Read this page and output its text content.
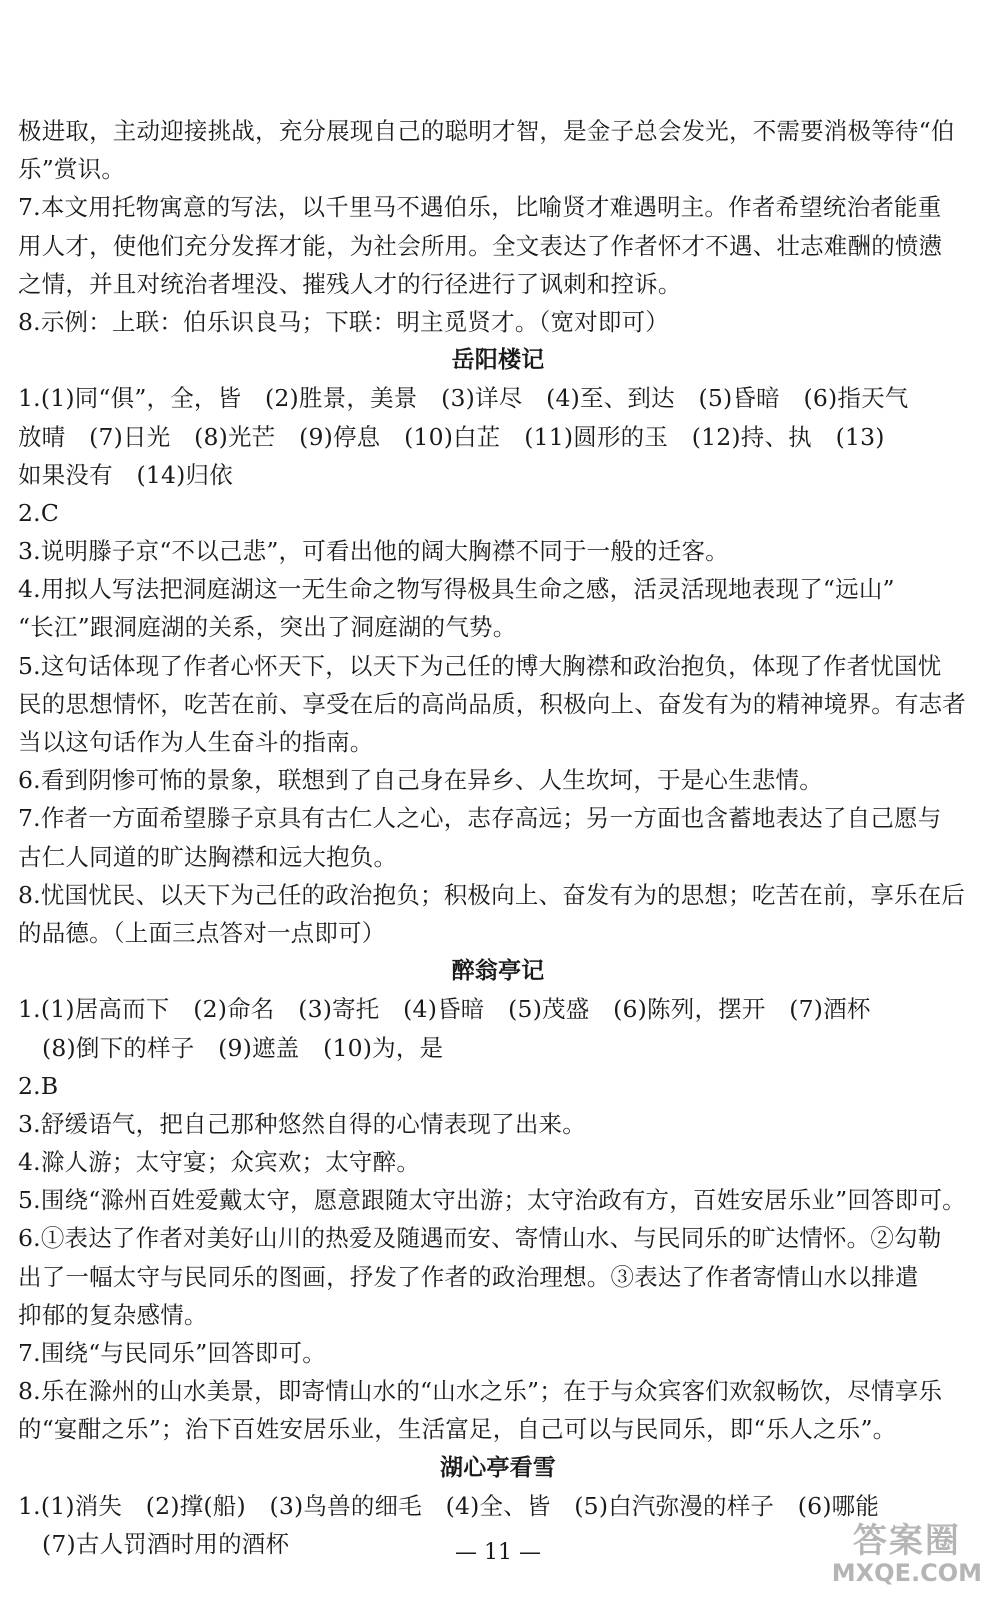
极进取，主动迎接挑战，充分展现自己的聪明才智，是金子总会发光，不需要消极等待“伯
乐”赏识。
7.本文用托物寓意的写法，以千里马不遇伯乐，比喻贤才难遇明主。作者希望统治者能重
用人才，使他们充分发挥才能，为社会所用。全文表达了作者怀才不遇、壮志难酬的愤懑
之情，并且对统治者埋没、摧残人才的行径进行了讽刺和控诉。
8.示例：上联：伯乐识良马；下联：明主觅贤才。（宽对即可）
岳阳楼记
1.(1)同“俱”，全，皆　(2)胜景，美景　(3)详尽　(4)至、到达　(5)昏暗　(6)指天气
放晴　(7)日光　(8)光芒　(9)停息　(10)白芷　(11)圆形的玉　(12)持、执　(13)
如果没有　(14)归依
2.C
3.说明滕子京“不以己悲”，可看出他的阔大胸襟不同于一般的迁客。
4.用拟人写法把洞庭湖这一无生命之物写得极具生命之感，活灵活现地表现了“远山”
“长江”跟洞庭湖的关系，突出了洞庭湖的气势。
5.这句话体现了作者心怀天下，以天下为己任的博大胸襟和政治抱负，体现了作者忧国忧
民的思想情怀，吃苦在前、享受在后的高尚品质，积极向上、奋发有为的精神境界。有志者
当以这句话作为人生奋斗的指南。
6.看到阴惨可怖的景象，联想到了自己身在异乡、人生坎坷，于是心生悲情。
7.作者一方面希望滕子京具有古仁人之心，志存高远；另一方面也含蓄地表达了自己愿与
古仁人同道的旷达胸襟和远大抱负。
8.忧国忧民、以天下为己任的政治抱负；积极向上、奋发有为的思想；吃苦在前，享乐在后
的品德。（上面三点答对一点即可）
醉翁亭记
1.(1)居高而下　(2)命名　(3)寄托　(4)昏暗　(5)茂盛　(6)陈列，摆开　(7)酒杯
(8)倒下的样子　(9)遮盖　(10)为，是
2.B
3.舒缓语气，把自己那种悠然自得的心情表现了出来。
4.滁人游；太守宴；众宾欢；太守醉。
5.围绕“滁州百姓爱戴太守，愿意跟随太守出游；太守治政有方，百姓安居乐业”回答即可。
6.①表达了作者对美好山川的热爱及随遇而安、寄情山水、与民同乐的旷达情怀。②勾勒
出了一幅太守与民同乐的图画，抒发了作者的政治理想。③表达了作者寄情山水以排遣
抑郁的复杂感情。
7.围绕“与民同乐”回答即可。
8.乐在滁州的山水美景，即寄情山水的“山水之乐”；在于与众宾客们欢叙畅饮，尽情享乐
的“宴酣之乐”；治下百姓安居乐业，生活富足，自己可以与民同乐，即“乐人之乐”。
湖心亭看雪
1.(1)消失　(2)撑(船)　(3)鸟兽的细毛　(4)全、皆　(5)白汽弥漫的样子　(6)哪能
(7)古人罚酒时用的酒杯	— 11 —	答案圈
MXQE.COM
